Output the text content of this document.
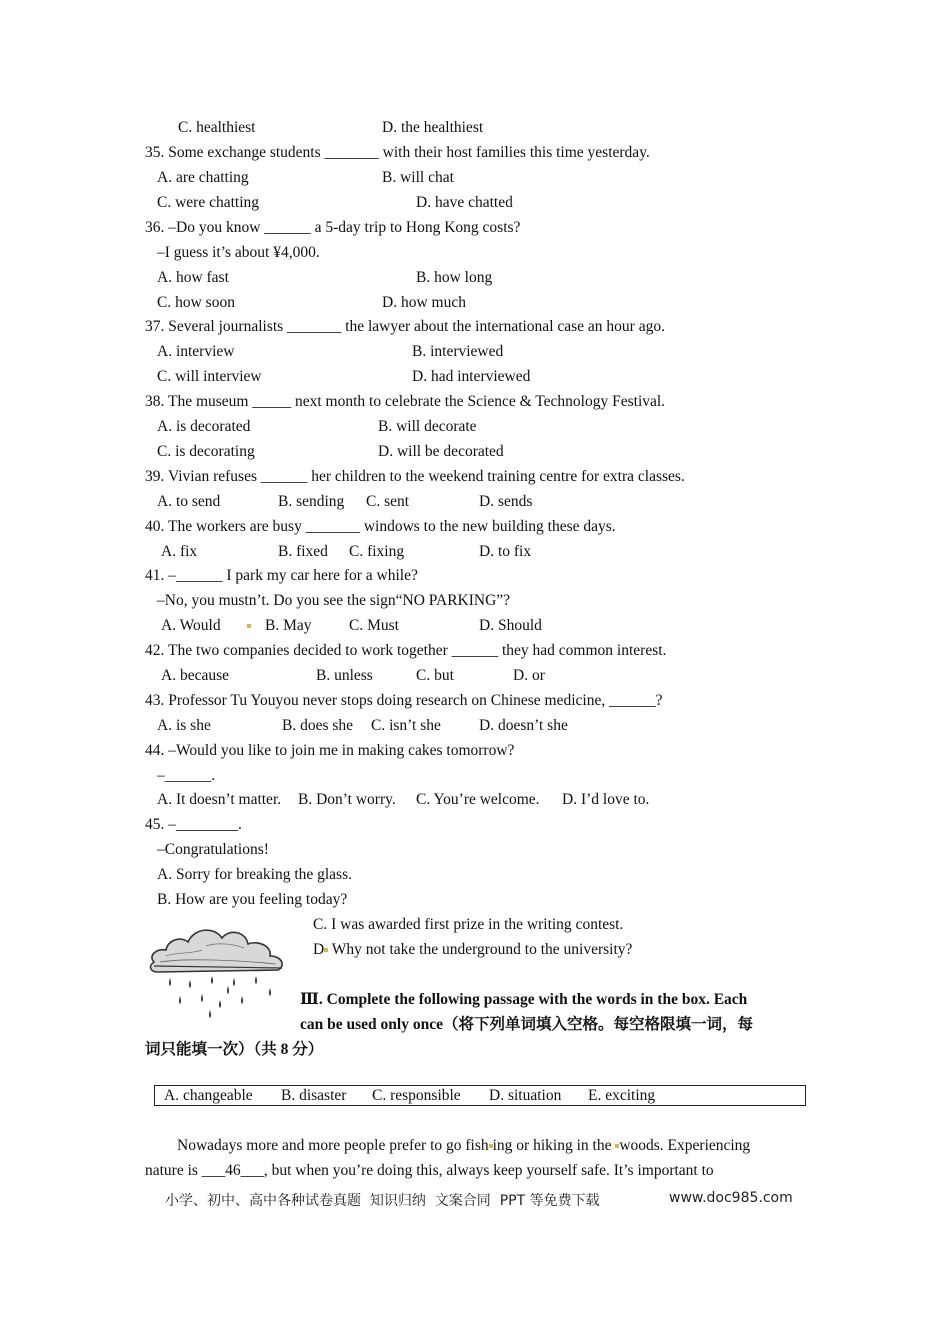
C. healthiest	D. the healthiest
35. Some exchange students _______ with their host families this time yesterday.
A. are chatting	B. will chat
C. were chatting	D. have chatted
36. –Do you know ______ a 5-day trip to Hong Kong costs?
–I guess it’s about ¥4,000.
A. how fast	B. how long
C. how soon	D. how much
37. Several journalists _______ the lawyer about the international case an hour ago.
A. interview	B. interviewed
C. will interview	D. had interviewed
38. The museum _____ next month to celebrate the Science & Technology Festival.
A. is decorated	B. will decorate
C. is decorating	D. will be decorated
39. Vivian refuses ______ her children to the weekend training centre for extra classes.
A. to send	B. sending C. sent	D. sends
40. The workers are busy _______ windows to the new building these days.
A. fix	B. fixed C. fixing	D. to fix
41. –______ I park my car here for a while?
–No, you mustn’t. Do you see the sign“NO PARKING”?
A. Would	B. May C. Must	D. Should
42. The two companies decided to work together ______ they had common interest.
A. because	B. unless	C. but	D. or
43. Professor Tu Youyou never stops doing research on Chinese medicine, ______?
A. is she	B. does she C. isn’t she D. doesn’t she
44. –Would you like to join me in making cakes tomorrow?
–______.
A. It doesn’t matter. B. Don’t worry. C. You’re welcome. D. I’d love to.
45. –________.
–Congratulations!
A. Sorry for breaking the glass.
B. How are you feeling today?
C. I was awarded first prize in the writing contest.
D Why not take the underground to the university?
Ⅲ. Complete the following passage with the words in the box. Each
can be used only once（将下列单词填入空格。每空格限填一词，每
词只能填一次）（共 8 分）
A. changeable B. disaster C. responsible D. situation E. exciting
Nowadays more and more people prefer to go fish ing or hiking in the woods. Experiencing
nature is ___46___, but when you’re doing this, always keep yourself safe. It’s important to
小学、初中、高中各种试卷真题  知识归纳  文案合同  PPT 等免费下载	www.doc985.com
